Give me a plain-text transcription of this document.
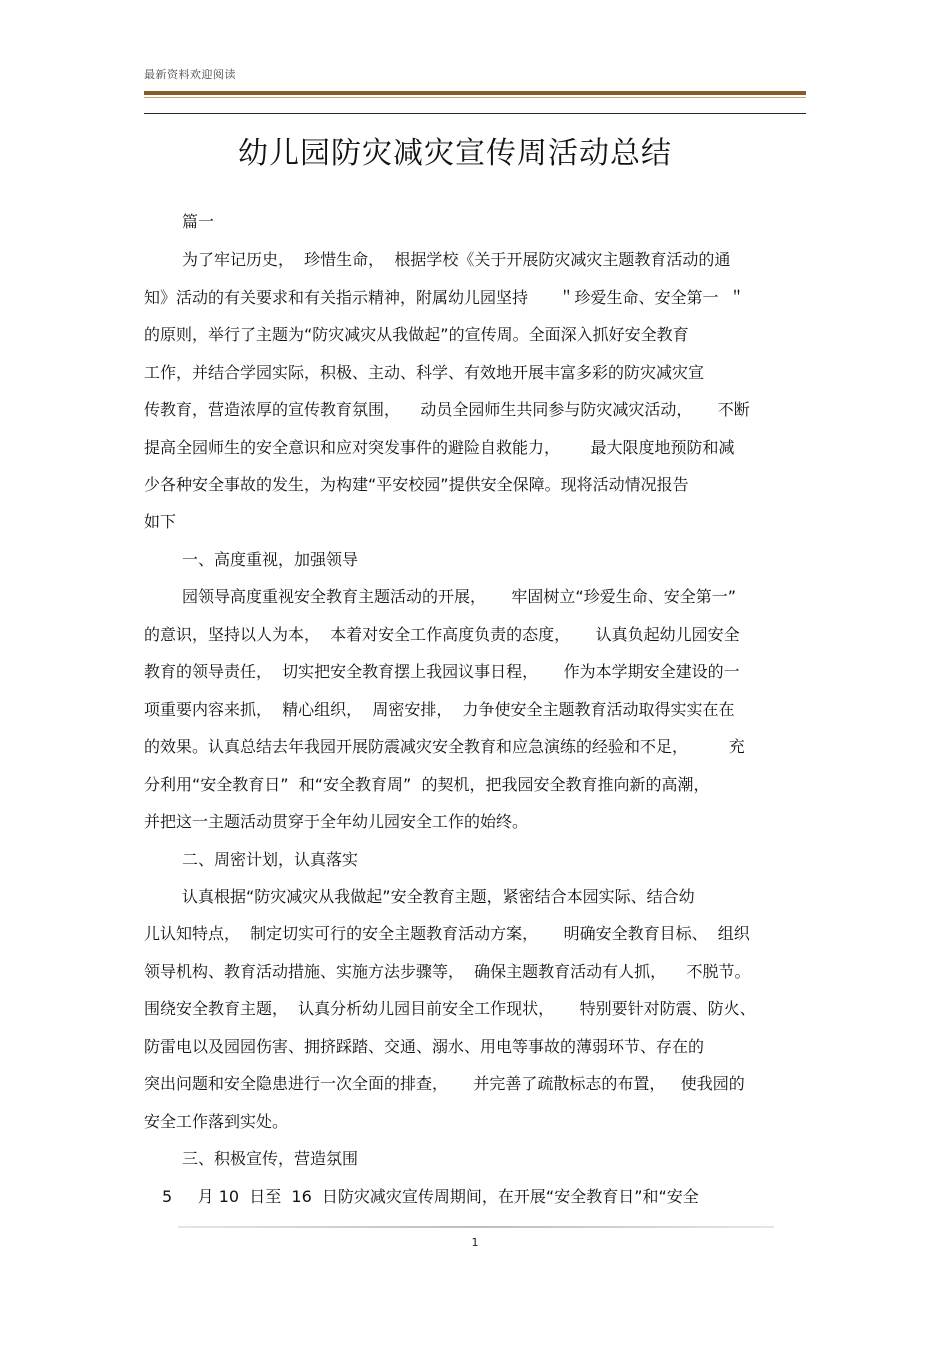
最新资料欢迎阅读
幼儿园防灾减灾宣传周活动总结
篇一
为了牢记历史，  珍惜生命，  根据学校《关于开展防灾减灾主题教育活动的通
知》活动的有关要求和有关指示精神，附属幼儿园坚持      ＂珍爱生命、安全第一  ＂
的原则，举行了主题为“防灾减灾从我做起”的宣传周。全面深入抓好安全教育
工作，并结合学园实际，积极、主动、科学、有效地开展丰富多彩的防灾减灾宣
传教育，营造浓厚的宣传教育氛围，    动员全园师生共同参与防灾减灾活动，     不断
提高全园师生的安全意识和应对突发事件的避险自救能力，      最大限度地预防和减
少各种安全事故的发生，为构建“平安校园”提供安全保障。现将活动情况报告
如下
一、高度重视，加强领导
园领导高度重视安全教育主题活动的开展，     牢固树立“珍爱生命、安全第一”
的意识，坚持以人为本，  本着对安全工作高度负责的态度，     认真负起幼儿园安全
教育的领导责任，  切实把安全教育摆上我园议事日程，     作为本学期安全建设的一
项重要内容来抓，  精心组织，  周密安排，  力争使安全主题教育活动取得实实在在
的效果。认真总结去年我园开展防震减灾安全教育和应急演练的经验和不足，        充
分利用“安全教育日”  和“安全教育周”  的契机，把我园安全教育推向新的高潮，
并把这一主题活动贯穿于全年幼儿园安全工作的始终。
二、周密计划，认真落实
认真根据“防灾减灾从我做起”安全教育主题，紧密结合本园实际、结合幼
儿认知特点，  制定切实可行的安全主题教育活动方案，     明确安全教育目标、  组织
领导机构、教育活动措施、实施方法步骤等，  确保主题教育活动有人抓，    不脱节。
围绕安全教育主题，  认真分析幼儿园目前安全工作现状，     特别要针对防震、防火、
防雷电以及园园伤害、拥挤踩踏、交通、溺水、用电等事故的薄弱环节、存在的
突出问题和安全隐患进行一次全面的排查，     并完善了疏散标志的布置，   使我园的
安全工作落到实处。
三、积极宣传，营造氛围
5     月 10  日至  16  日防灾减灾宣传周期间，在开展“安全教育日”和“安全
1
